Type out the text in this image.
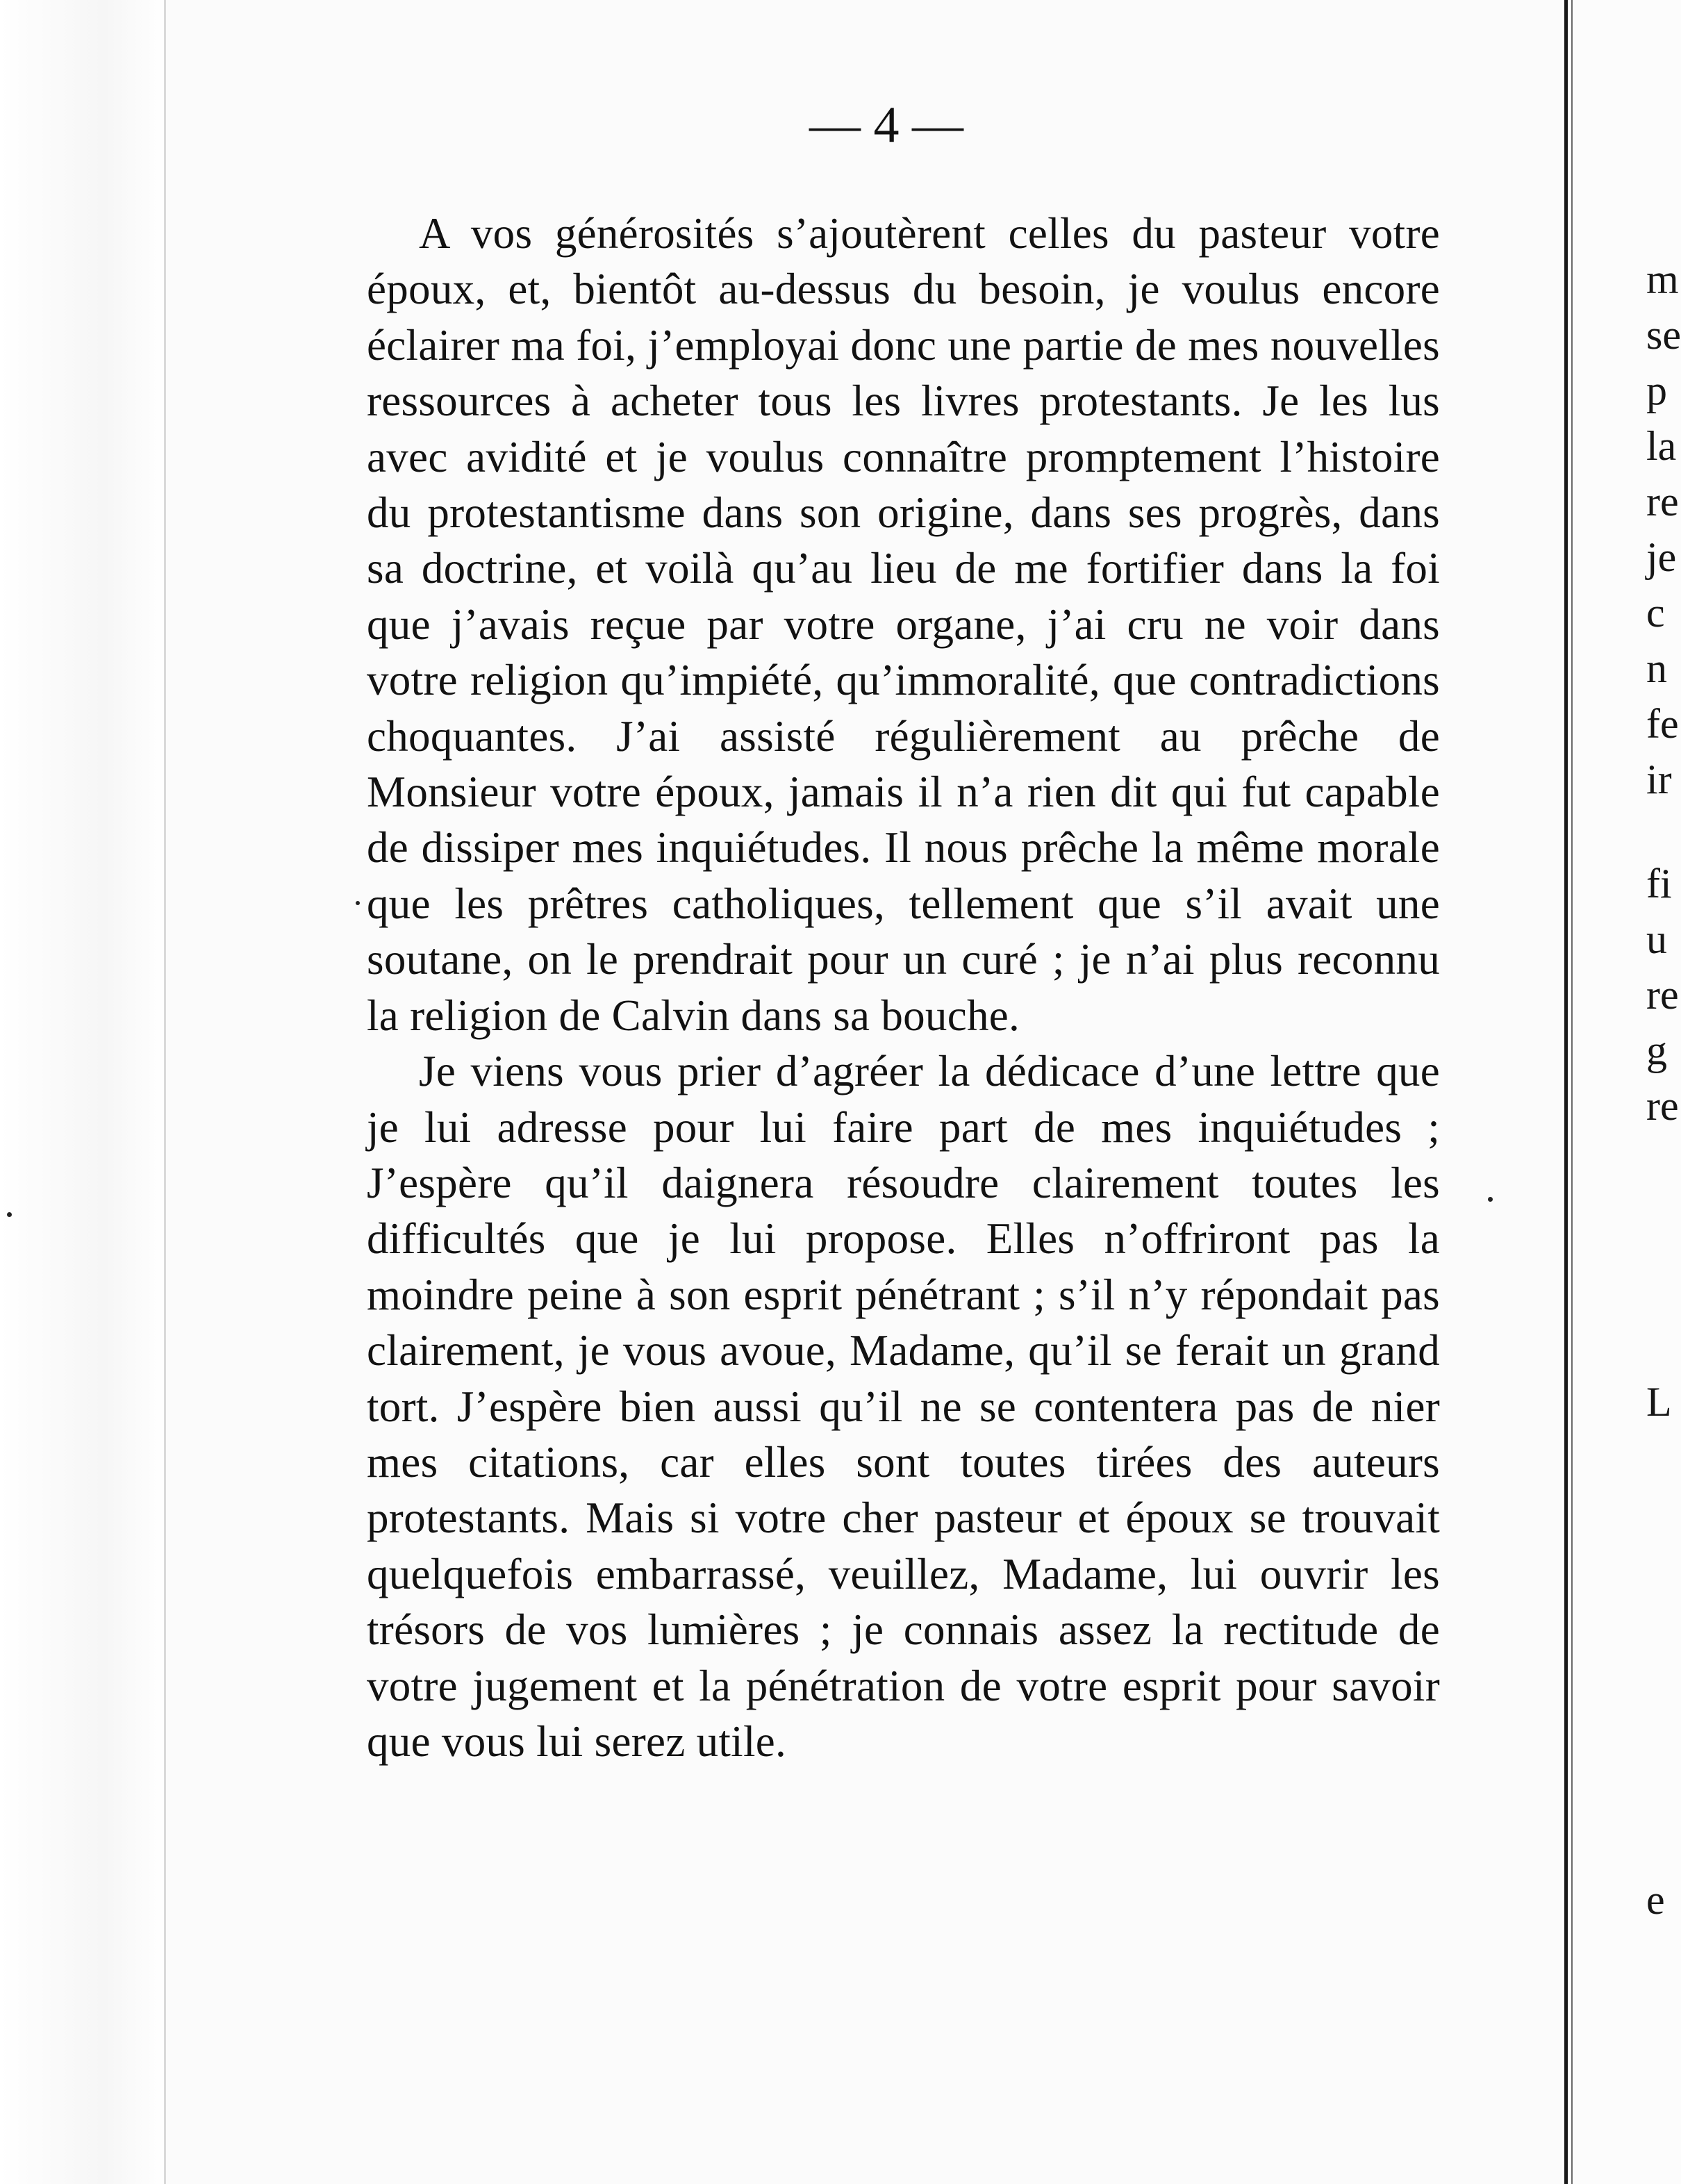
— 4 —

A vos générosités s’ajoutèrent celles du pasteur votre époux, et, bientôt au-dessus du besoin, je voulus encore éclairer ma foi, j’employai donc une partie de mes nouvelles ressources à acheter tous les livres protestants. Je les lus avec avidité et je voulus connaître promptement l’histoire du protestantisme dans son origine, dans ses progrès, dans sa doctrine, et voilà qu’au lieu de me fortifier dans la foi que j’avais reçue par votre organe, j’ai cru ne voir dans votre religion qu’impiété, qu’immoralité, que contradictions choquantes. J’ai assisté régulièrement au prêche de Monsieur votre époux, jamais il n’a rien dit qui fut capable de dissiper mes inquiétudes. Il nous prêche la même morale que les prêtres catholiques, tellement que s’il avait une soutane, on le prendrait pour un curé ; je n’ai plus reconnu la religion de Calvin dans sa bouche.

Je viens vous prier d’agréer la dédicace d’une lettre que je lui adresse pour lui faire part de mes inquiétudes ; J’espère qu’il daignera résoudre clairement toutes les difficultés que je lui propose. Elles n’offriront pas la moindre peine à son esprit pénétrant ; s’il n’y répondait pas clairement, je vous avoue, Madame, qu’il se ferait un grand tort. J’espère bien aussi qu’il ne se contentera pas de nier mes citations, car elles sont toutes tirées des auteurs protestants. Mais si votre cher pasteur et époux se trouvait quelquefois embarrassé, veuillez, Madame, lui ouvrir les trésors de vos lumières ; je connais assez la rectitude de votre jugement et la pénétration de votre esprit pour savoir que vous lui serez utile.

m
se
p
la
re
je
c
n
fe
ir
fi
u
re
g
re
L
e
